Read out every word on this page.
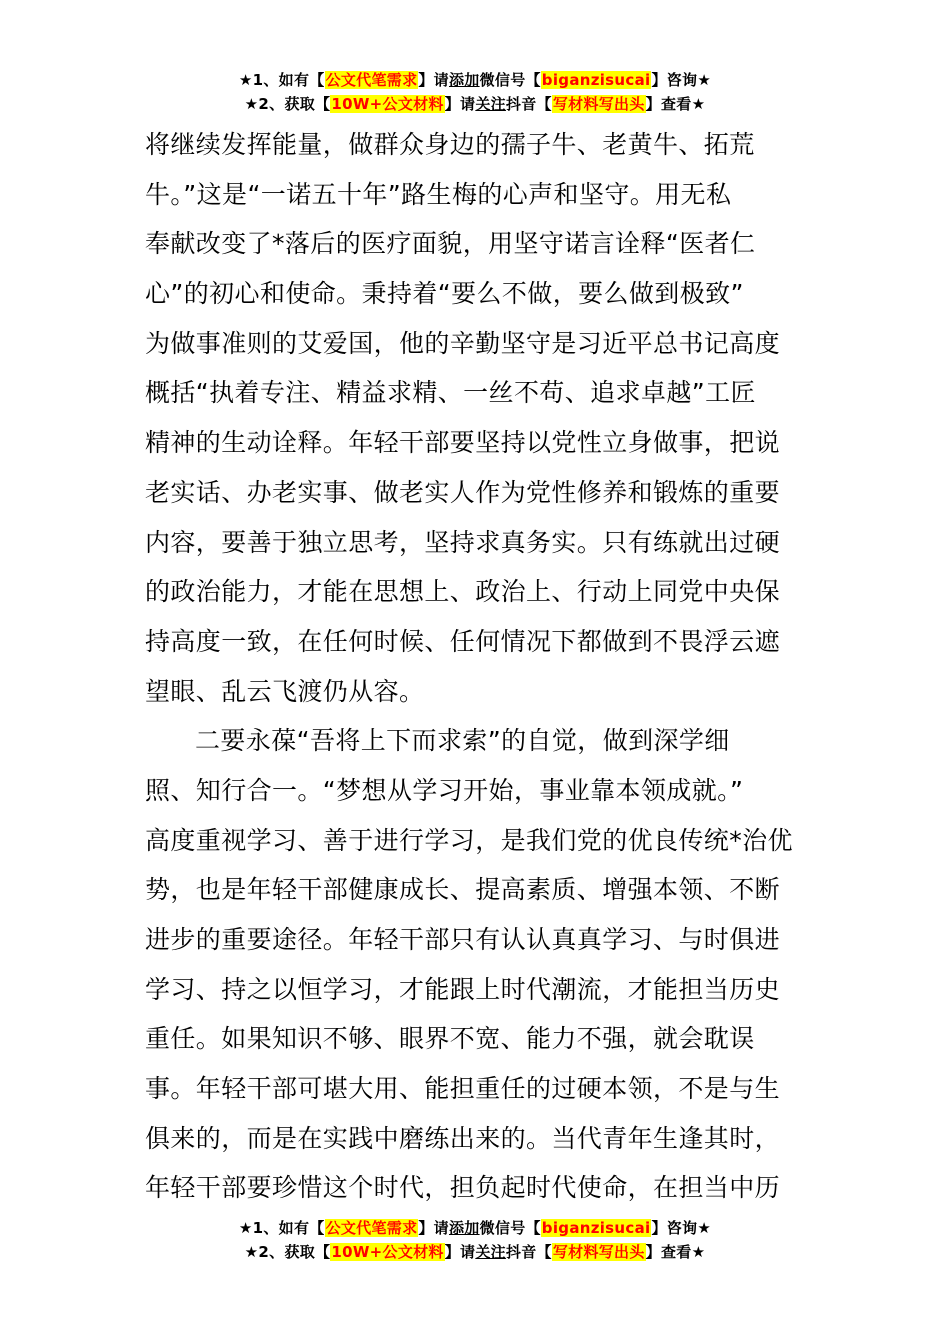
★1、如有【公文代笔需求】请添加微信号【biganzisucai】咨询★
★2、获取【10W+公文材料】请关注抖音【写材料写出头】查看★
将继续发挥能量，做群众身边的孺子牛、老黄牛、拓荒
牛。”这是“一诺五十年”路生梅的心声和坚守。用无私
奉献改变了*落后的医疗面貌，用坚守诺言诠释“医者仁
心”的初心和使命。秉持着“要么不做，要么做到极致”
为做事准则的艾爱国，他的辛勤坚守是习近平总书记高度
概括“执着专注、精益求精、一丝不苟、追求卓越”工匠
精神的生动诠释。年轻干部要坚持以党性立身做事，把说
老实话、办老实事、做老实人作为党性修养和锻炼的重要
内容，要善于独立思考，坚持求真务实。只有练就出过硬
的政治能力，才能在思想上、政治上、行动上同党中央保
持高度一致，在任何时候、任何情况下都做到不畏浮云遮
望眼、乱云飞渡仍从容。
二要永葆“吾将上下而求索”的自觉，做到深学细
照、知行合一。“梦想从学习开始，事业靠本领成就。”
高度重视学习、善于进行学习，是我们党的优良传统*治优
势，也是年轻干部健康成长、提高素质、增强本领、不断
进步的重要途径。年轻干部只有认认真真学习、与时俱进
学习、持之以恒学习，才能跟上时代潮流，才能担当历史
重任。如果知识不够、眼界不宽、能力不强，就会耽误
事。年轻干部可堪大用、能担重任的过硬本领，不是与生
俱来的，而是在实践中磨练出来的。当代青年生逢其时，
年轻干部要珍惜这个时代，担负起时代使命，在担当中历
★1、如有【公文代笔需求】请添加微信号【biganzisucai】咨询★
★2、获取【10W+公文材料】请关注抖音【写材料写出头】查看★
